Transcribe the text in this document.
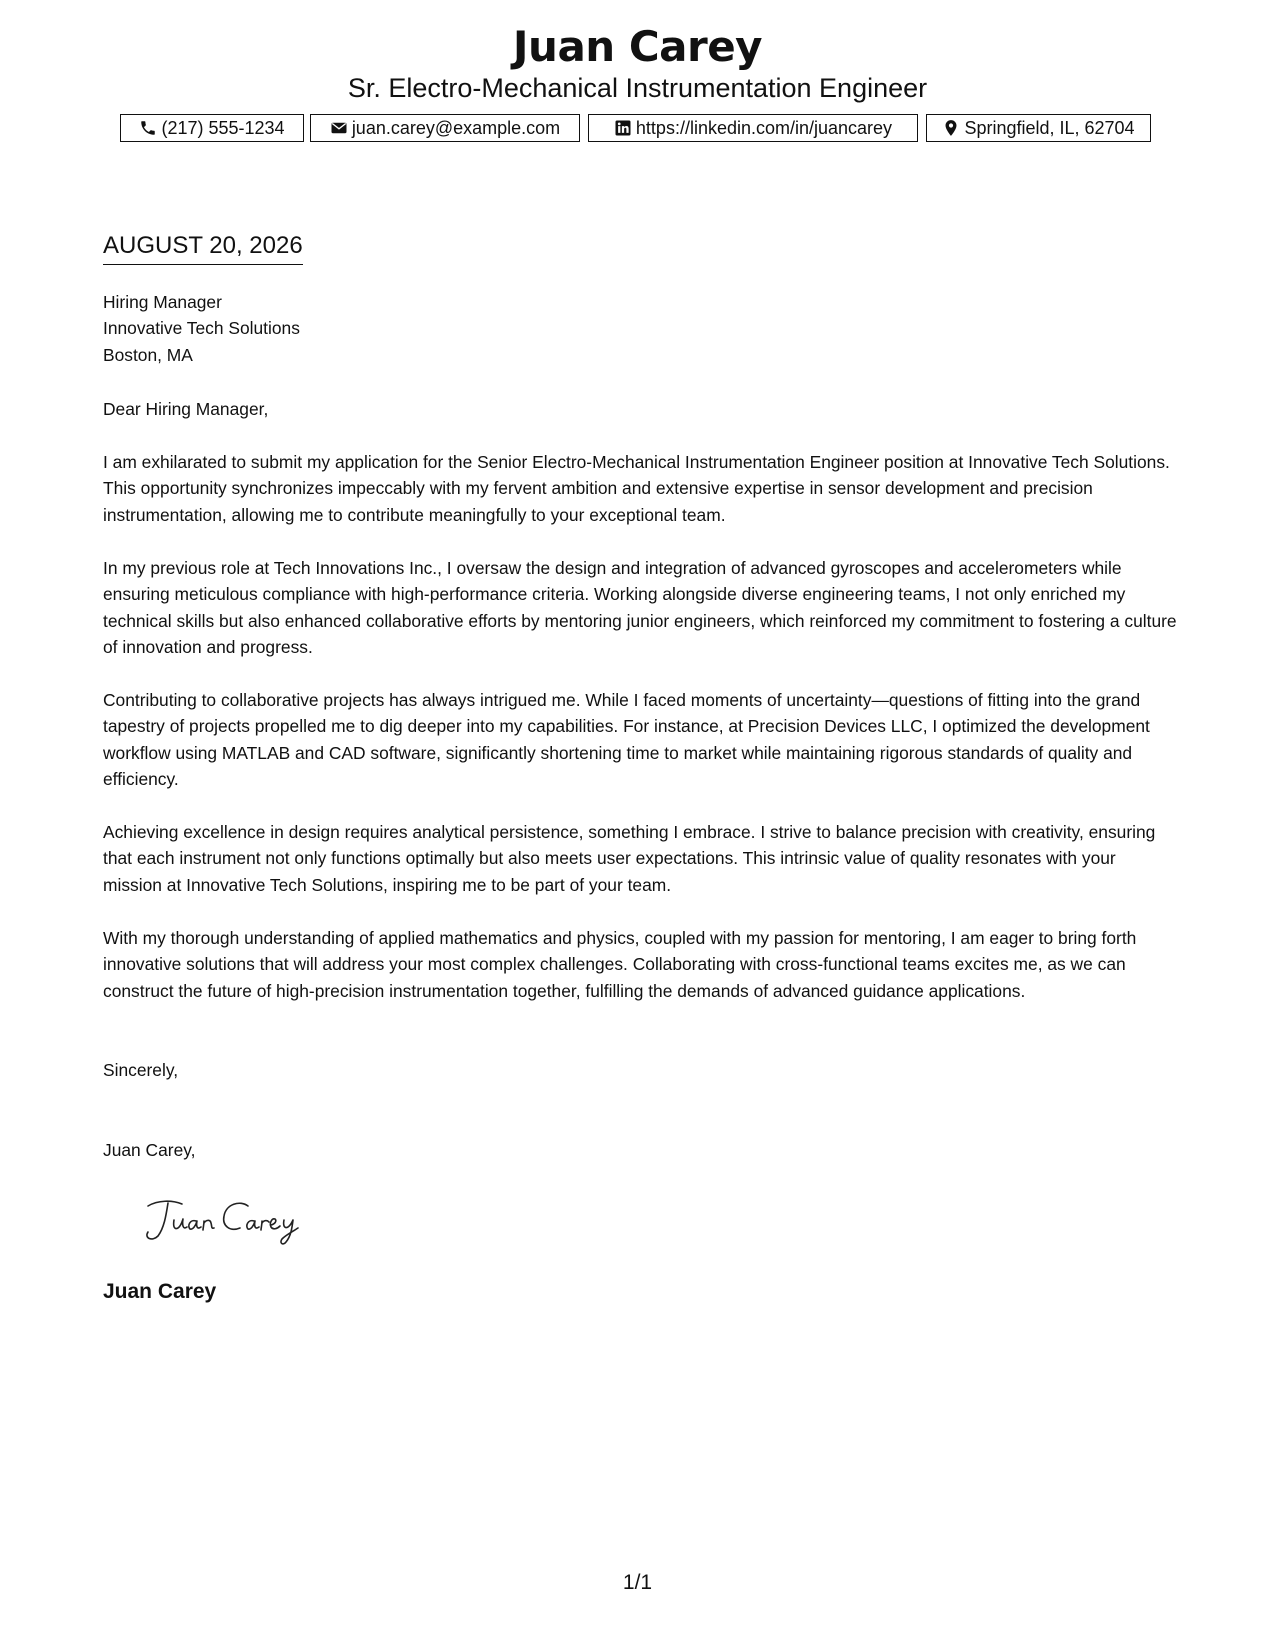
Juan Carey
Sr. Electro-Mechanical Instrumentation Engineer
(217) 555-1234	juan.carey@example.com	https://linkedin.com/in/juancarey	Springfield, IL, 62704
AUGUST 20, 2026
Hiring Manager
Innovative Tech Solutions
Boston, MA
Dear Hiring Manager,
I am exhilarated to submit my application for the Senior Electro-Mechanical Instrumentation Engineer position at Innovative Tech Solutions. This opportunity synchronizes impeccably with my fervent ambition and extensive expertise in sensor development and precision instrumentation, allowing me to contribute meaningfully to your exceptional team.
In my previous role at Tech Innovations Inc., I oversaw the design and integration of advanced gyroscopes and accelerometers while ensuring meticulous compliance with high-performance criteria. Working alongside diverse engineering teams, I not only enriched my technical skills but also enhanced collaborative efforts by mentoring junior engineers, which reinforced my commitment to fostering a culture of innovation and progress.
Contributing to collaborative projects has always intrigued me. While I faced moments of uncertainty—questions of fitting into the grand tapestry of projects propelled me to dig deeper into my capabilities. For instance, at Precision Devices LLC, I optimized the development workflow using MATLAB and CAD software, significantly shortening time to market while maintaining rigorous standards of quality and efficiency.
Achieving excellence in design requires analytical persistence, something I embrace. I strive to balance precision with creativity, ensuring that each instrument not only functions optimally but also meets user expectations. This intrinsic value of quality resonates with your mission at Innovative Tech Solutions, inspiring me to be part of your team.
With my thorough understanding of applied mathematics and physics, coupled with my passion for mentoring, I am eager to bring forth innovative solutions that will address your most complex challenges. Collaborating with cross-functional teams excites me, as we can construct the future of high-precision instrumentation together, fulfilling the demands of advanced guidance applications.
Sincerely,
Juan Carey,
Juan Carey
1/1
